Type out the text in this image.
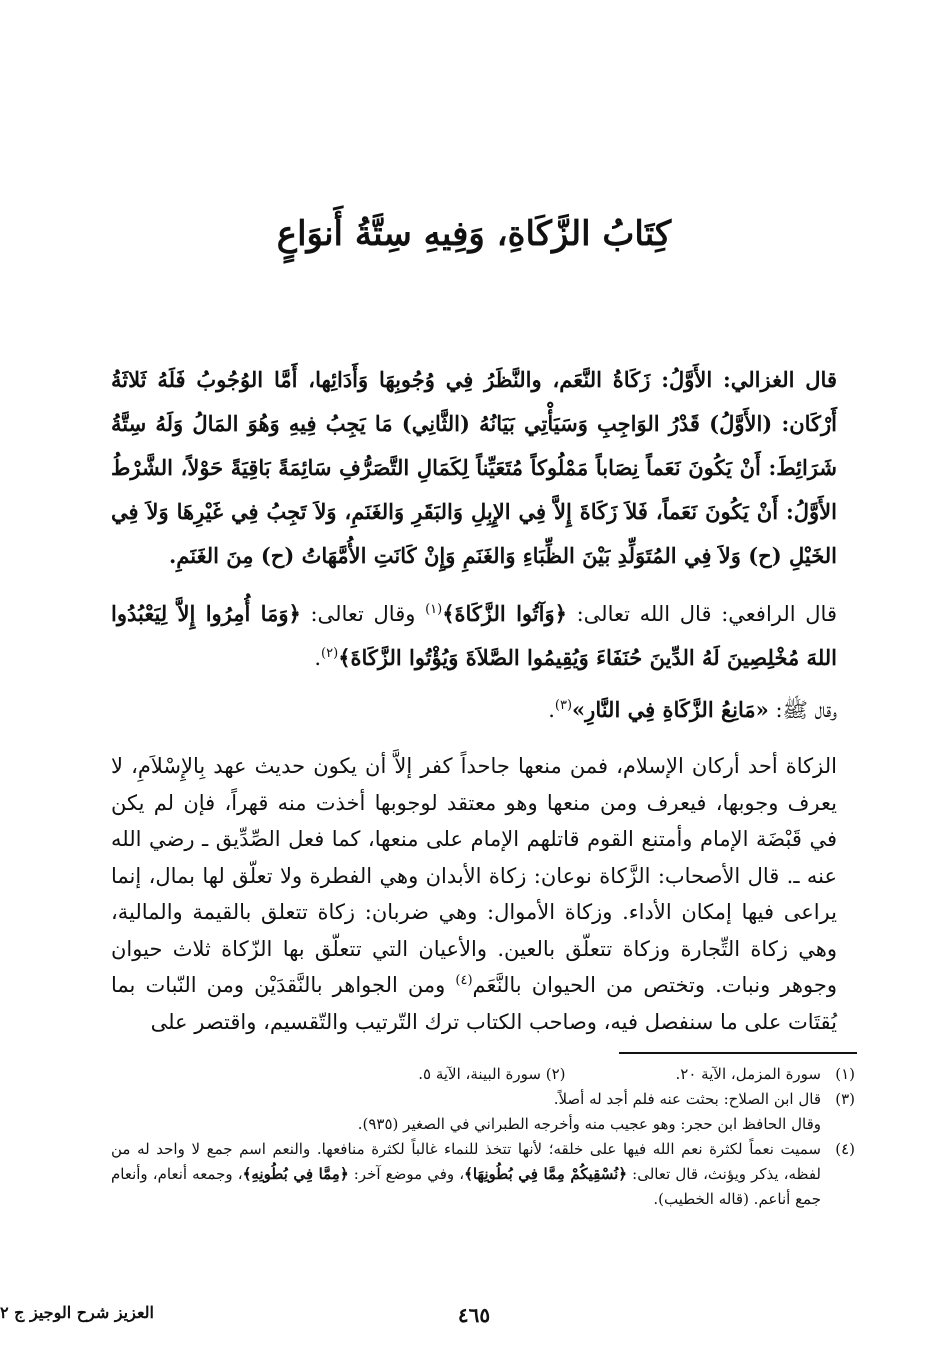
كِتَابُ الزَّكَاةِ، وَفِيهِ سِتَّةُ أَنوَاعٍ

قال الغزالي: الأَوَّلُ: زَكَاةُ النَّعَم، والنَّظَرُ فِي وُجُوبِهَا وَأَدَائِها، أَمَّا الوُجُوبُ فَلَهُ ثَلاثَةُ أَرْكَان: (الأَوَّلُ) قَدْرُ الوَاجِبِ وَسَيَأْتِي بَيَانُهُ (الثَّانِي) مَا يَجِبُ فِيهِ وَهُوَ المَالُ وَلَهُ سِتَّةُ شَرَائِطَ: أَنْ يَكُونَ نَعَماً نِصَاباً مَمْلُوكاً مُتَعَيِّناً لِكَمَالِ التَّصَرُّفِ سَائِمَةً بَاقِيَةً حَوْلاً، الشَّرْطُ الأَوَّلُ: أَنْ يَكُونَ نَعَماً، فَلاَ زَكَاةَ إِلاَّ فِي الإِبِلِ وَالبَقَرِ وَالغَنَمِ، وَلاَ تَجِبُ فِي غَيْرِهَا وَلاَ فِي الخَيْلِ (ح) وَلاَ فِي المُتَوَلِّدِ بَيْنَ الظِّبَاءِ وَالغَنَمِ وَإِنْ كَانَتِ الأُمَّهَاتُ (ح) مِنَ الغَنَمِ.

قال الرافعي: قال الله تعالى: ﴿وَآتُوا الزَّكَاةَ﴾$^{(١)}$ وقال تعالى: ﴿وَمَا أُمِرُوا إِلاَّ لِيَعْبُدُوا اللهَ مُخْلِصِينَ لَهُ الدِّينَ حُنَفَاءَ وَيُقِيمُوا الصَّلاَةَ وَيُؤْتُوا الزَّكَاةَ﴾$^{(٢)}$.

وقال ﷺ: «مَانِعُ الزَّكَاةِ فِي النَّارِ»$^{(٣)}$.

الزكاة أحد أركان الإسلام، فمن منعها جاحداً كفر إلاَّ أن يكون حديث عهد بِالإِسْلاَمِ، لا يعرف وجوبها، فيعرف ومن منعها وهو معتقد لوجوبها أخذت منه قهراً، فإن لم يكن في قَبْضَة الإمام وأمتنع القوم قاتلهم الإمام على منعها، كما فعل الصِّدِّيق ـ رضي الله عنه ـ. قال الأصحاب: الزَّكاة نوعان: زكاة الأبدان وهي الفطرة ولا تعلّق لها بمال، إنما يراعى فيها إمكان الأداء. وزكاة الأموال: وهي ضربان: زكاة تتعلق بالقيمة والمالية، وهي زكاة التِّجارة وزكاة تتعلّق بالعين. والأعيان التي تتعلّق بها الزّكاة ثلاث حيوان وجوهر ونبات. وتختص من الحيوان بالنَّعَم$^{(٤)}$ ومن الجواهر بالنَّقدَيْن ومن النّبات بما يُقتَات على ما سنفصل فيه، وصاحب الكتاب ترك التّرتيب والتّقسيم، واقتصر على

(١)
سورة المزمل، الآية ٢٠.
(٢) سورة البينة، الآية ٥.
(٣)
قال ابن الصلاح: بحثت عنه فلم أجد له أصلاً.
وقال الحافظ ابن حجر: وهو عجيب منه وأخرجه الطبراني في الصغير (٩٣٥).
(٤)
سميت نعماً لكثرة نعم الله فيها على خلقه؛ لأنها تتخذ للنماء غالباً لكثرة منافعها. والنعم اسم جمع لا واحد له من لفظه، يذكر ويؤنث، قال تعالى: ﴿نُسْقِيكُمْ مِمَّا فِي بُطُونِهَا﴾، وفي موضع آخر: ﴿مِمَّا فِي بُطُونِهِ﴾، وجمعه أنعام، وأنعام جمع أناعم. (قاله الخطيب).
٤٦٥
العزيز شرح الوجيز ج ٢
